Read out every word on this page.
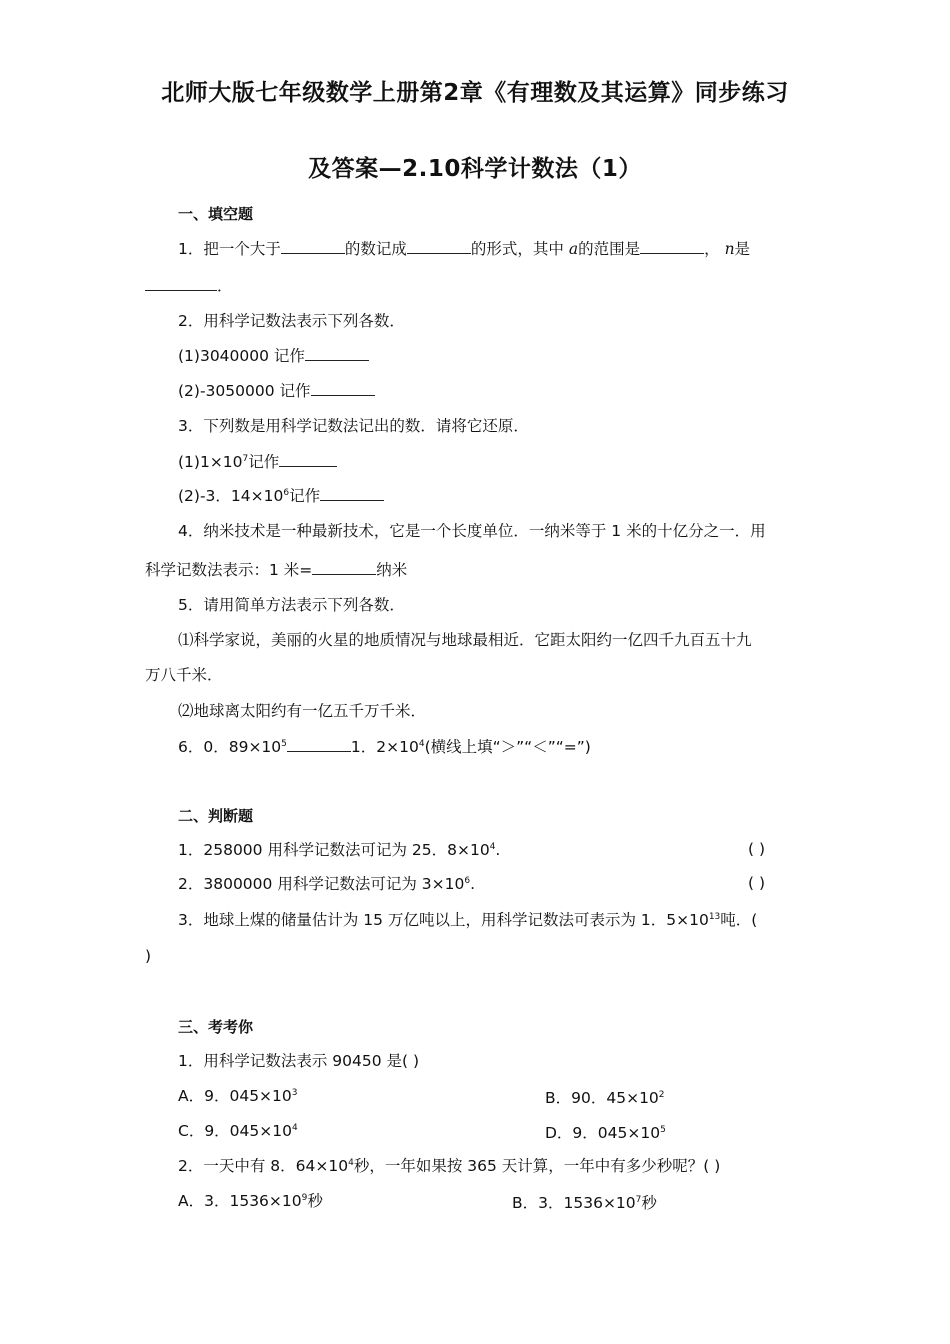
北师大版七年级数学上册第2章《有理数及其运算》同步练习
及答案—2.10科学计数法（1）
一、填空题
1．把一个大于	的数记成	的形式，其中 a的范围是	， n是
．
2．用科学记数法表示下列各数．
(1)3040000 记作
(2)-3050000 记作
3．下列数是用科学记数法记出的数．请将它还原．
$(1)1\times 10^7$记作
(2)-3．$14\times 10^6$记作
4．纳米技术是一种最新技术，它是一个长度单位．一纳米等于 1 米的十亿分之一．用
科学记数法表示：1 米=	纳米
5．请用简单方法表示下列各数．
⑴科学家说，美丽的火星的地质情况与地球最相近．它距太阳约一亿四千九百五十九
万八千米．
⑵地球离太阳约有一亿五千万千米．
6．0．$89\times 10^5$	1．$2\times 10^4$(横线上填“＞”“＜”“=”)
二、判断题
1．258000 用科学记数法可记为 25．$8\times 10^4$.	( )
2．3800000 用科学记数法可记为 $3\times 10^6$.	( )
3．地球上煤的储量估计为 15 万亿吨以上，用科学记数法可表示为 1．$5\times 10^{13}$吨．(
)
三、考考你
1．用科学记数法表示 90450 是( )
A．9．$045\times 10^3$	B．90．$45\times 10^2$
C．9．$045\times 10^4$	D．9．$045\times 10^5$
2．一天中有 8．$64\times 10^4$秒，一年如果按 365 天计算，一年中有多少秒呢？( )
A．3．$1536\times 10^9$秒	B．3．$1536\times 10^7$秒
